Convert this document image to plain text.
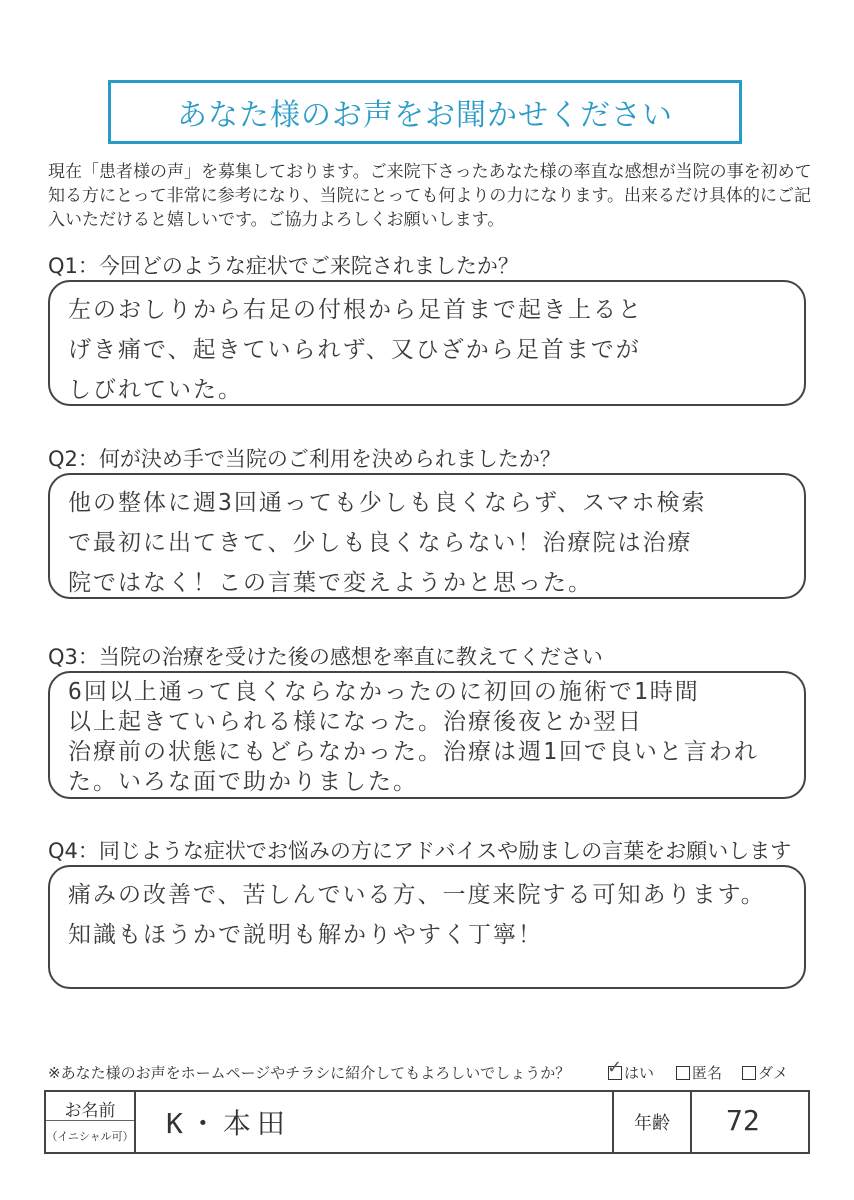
あなた様のお声をお聞かせください
現在「患者様の声」を募集しております。ご来院下さったあなた様の率直な感想が当院の事を初めて
知る方にとって非常に参考になり、当院にとっても何よりの力になります。出来るだけ具体的にご記
入いただけると嬉しいです。ご協力よろしくお願いします。
Q1：今回どのような症状でご来院されましたか？
左のおしりから右足の付根から足首まで起き上ると
げき痛で、起きていられず、又ひざから足首までが
しびれていた。
Q2：何が決め手で当院のご利用を決められましたか？
他の整体に週3回通っても少しも良くならず、スマホ検索
で最初に出てきて、少しも良くならない！治療院は治療
院ではなく！この言葉で変えようかと思った。
Q3：当院の治療を受けた後の感想を率直に教えてください
6回以上通って良くならなかったのに初回の施術で1時間
以上起きていられる様になった。治療後夜とか翌日
治療前の状態にもどらなかった。治療は週1回で良いと言われ
た。いろな面で助かりました。
Q4：同じような症状でお悩みの方にアドバイスや励ましの言葉をお願いします
痛みの改善で、苦しんでいる方、一度来院する可知あります。
知識もほうかで説明も解かりやすく丁寧！
※あなた様のお声をホームページやチラシに紹介してもよろしいでしょうか？ ✓ はい	匿名 ダメ
お名前
（イニシャル可） K・本田	年齢 72
